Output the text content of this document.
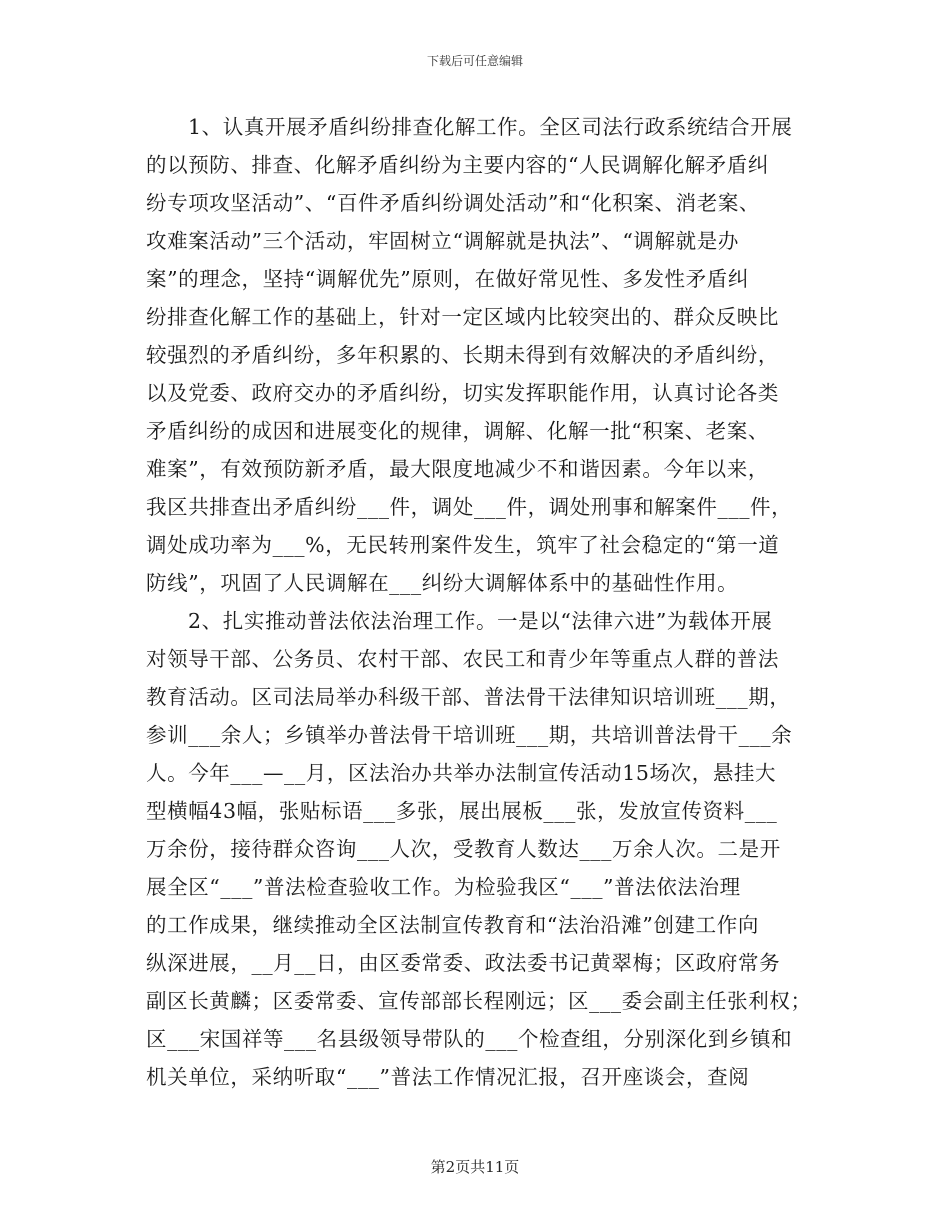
下载后可任意编辑
1、认真开展矛盾纠纷排查化解工作。全区司法行政系统结合开展
的以预防、排查、化解矛盾纠纷为主要内容的“人民调解化解矛盾纠
纷专项攻坚活动”、“百件矛盾纠纷调处活动”和“化积案、消老案、
攻难案活动”三个活动，牢固树立“调解就是执法”、“调解就是办
案”的理念，坚持“调解优先”原则，在做好常见性、多发性矛盾纠
纷排查化解工作的基础上，针对一定区域内比较突出的、群众反映比
较强烈的矛盾纠纷，多年积累的、长期未得到有效解决的矛盾纠纷，
以及党委、政府交办的矛盾纠纷，切实发挥职能作用，认真讨论各类
矛盾纠纷的成因和进展变化的规律，调解、化解一批“积案、老案、
难案”，有效预防新矛盾，最大限度地减少不和谐因素。今年以来，
我区共排查出矛盾纠纷___件，调处___件，调处刑事和解案件___件，
调处成功率为___%，无民转刑案件发生，筑牢了社会稳定的“第一道
防线”，巩固了人民调解在___纠纷大调解体系中的基础性作用。
2、扎实推动普法依法治理工作。一是以“法律六进”为载体开展
对领导干部、公务员、农村干部、农民工和青少年等重点人群的普法
教育活动。区司法局举办科级干部、普法骨干法律知识培训班___期，
参训___余人；乡镇举办普法骨干培训班___期，共培训普法骨干___余
人。今年___—__月，区法治办共举办法制宣传活动15场次，悬挂大
型横幅43幅，张贴标语___多张，展出展板___张，发放宣传资料___
万余份，接待群众咨询___人次，受教育人数达___万余人次。二是开
展全区“___”普法检查验收工作。为检验我区“___”普法依法治理
的工作成果，继续推动全区法制宣传教育和“法治沿滩”创建工作向
纵深进展，__月__日，由区委常委、政法委书记黄翠梅；区政府常务
副区长黄麟；区委常委、宣传部部长程刚远；区___委会副主任张利权；
区___宋国祥等___名县级领导带队的___个检查组，分别深化到乡镇和
机关单位，采纳听取“___”普法工作情况汇报，召开座谈会，查阅
第2页共11页
